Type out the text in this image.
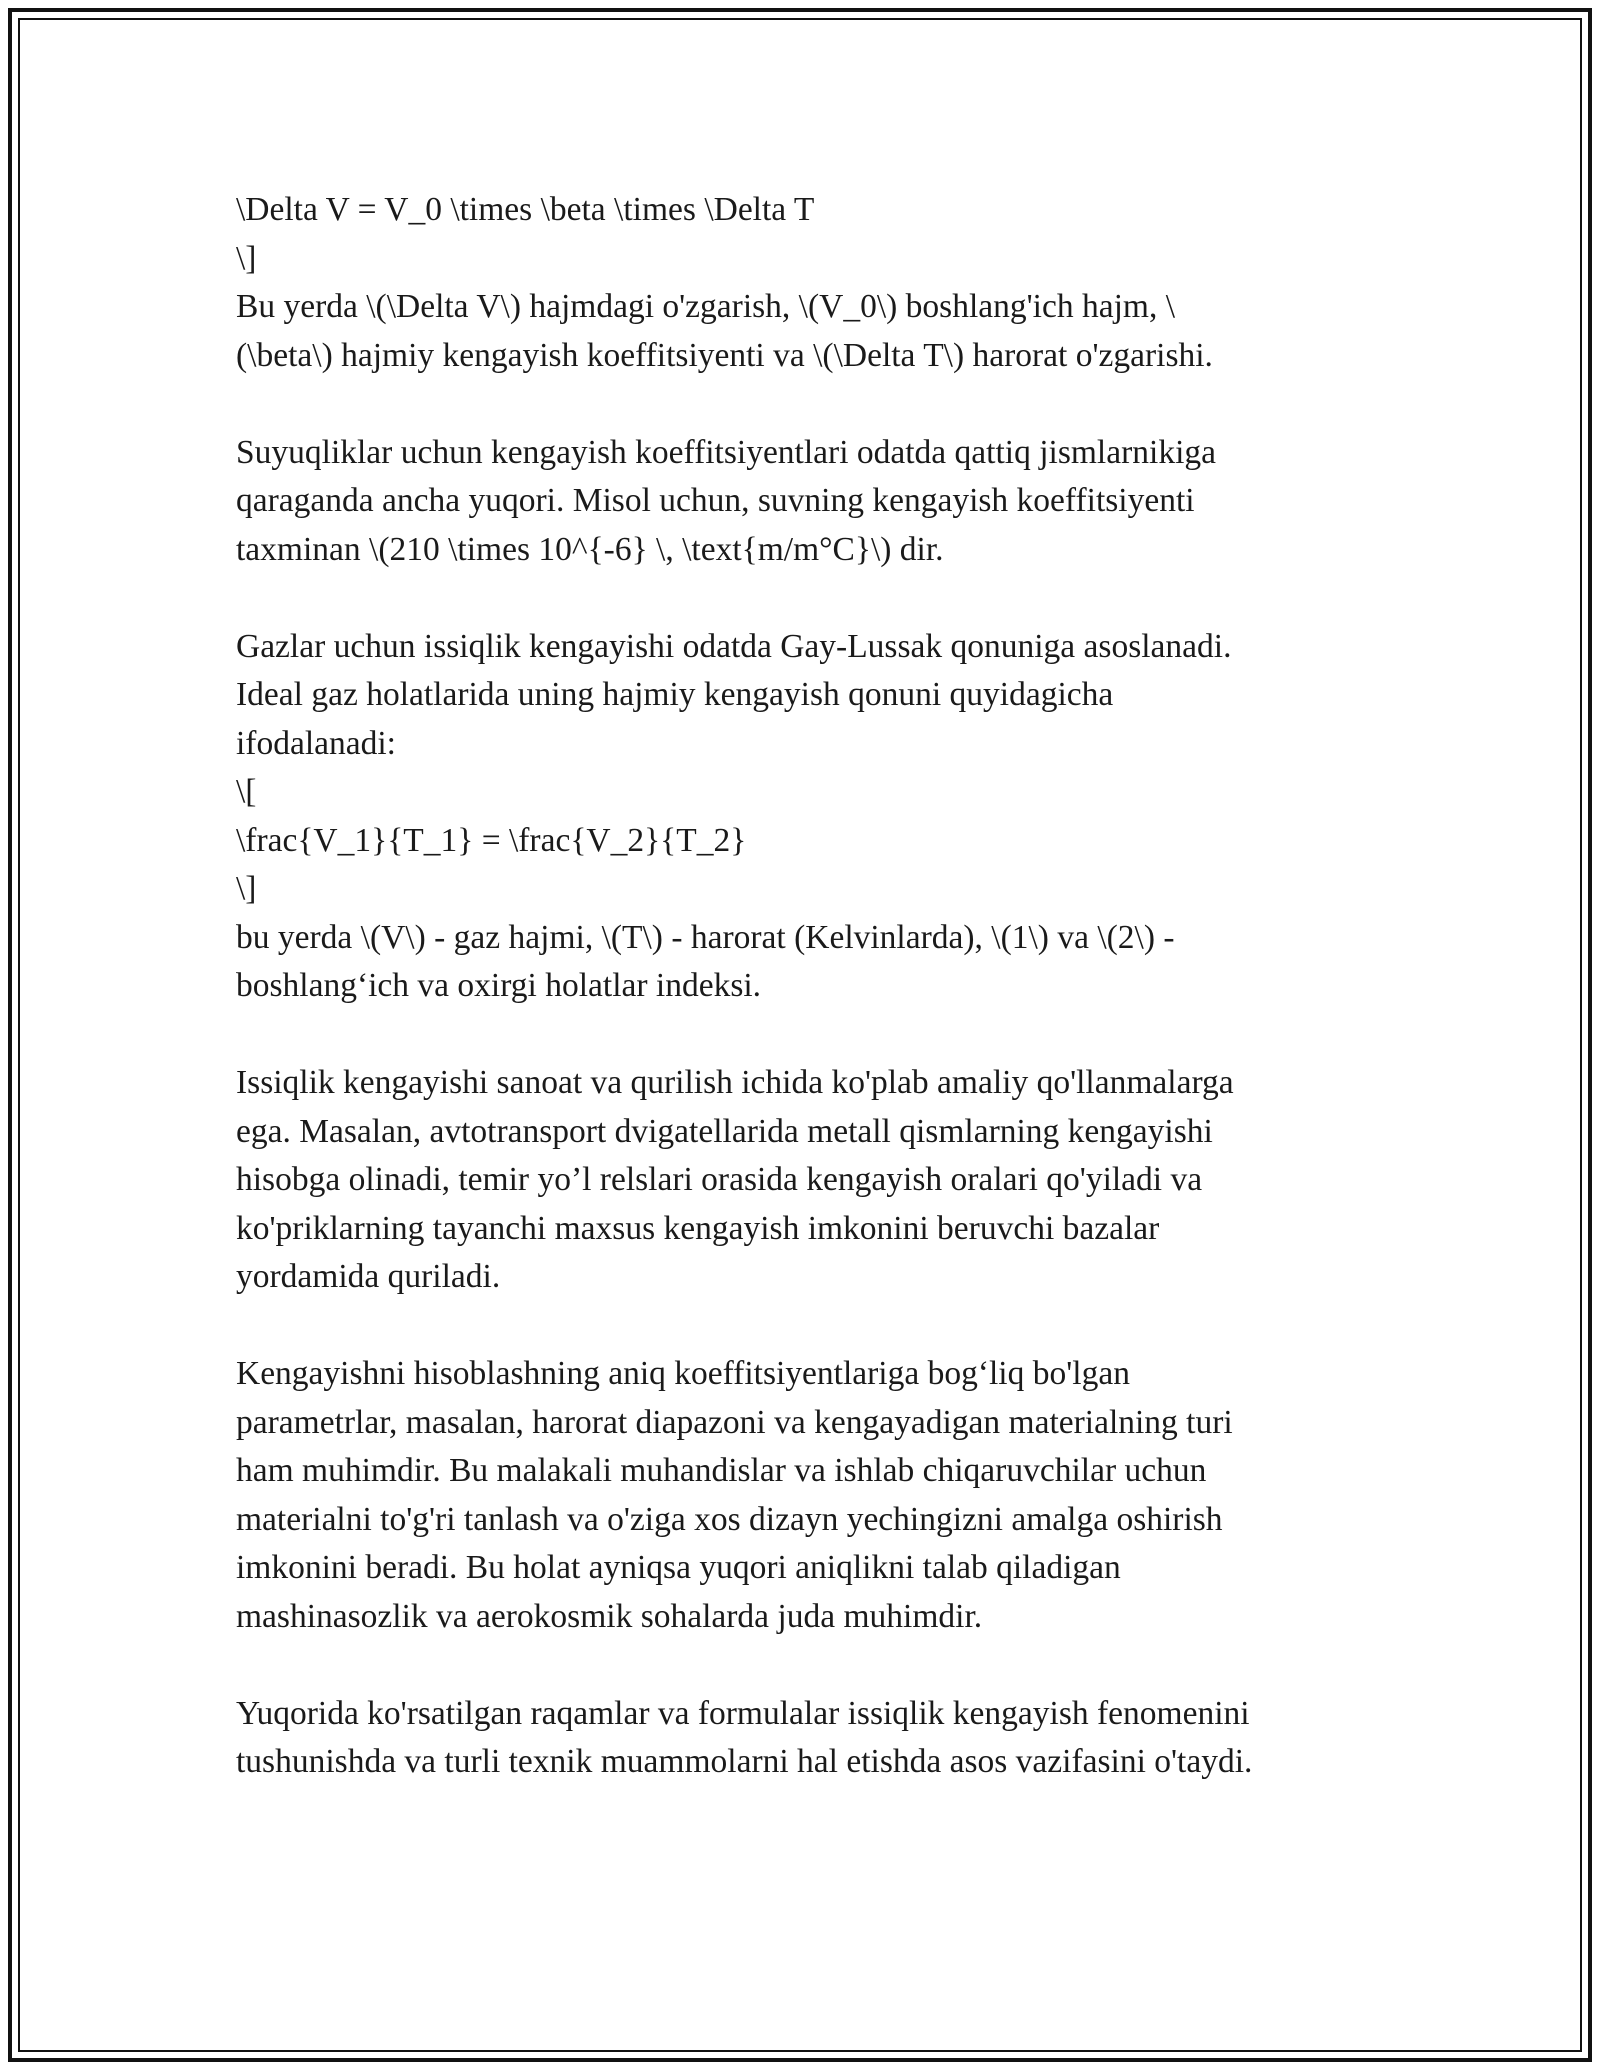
\Delta V = V_0 \times \beta \times \Delta T
\]
Bu yerda \(\Delta V\) hajmdagi o'zgarish, \(V_0\) boshlang'ich hajm, \
(\beta\) hajmiy kengayish koeffitsiyenti va \(\Delta T\) harorat o'zgarishi.
Suyuqliklar uchun kengayish koeffitsiyentlari odatda qattiq jismlarnikiga
qaraganda ancha yuqori. Misol uchun, suvning kengayish koeffitsiyenti
taxminan \(210 \times 10^{-6} \, \text{m/m°C}\) dir.
Gazlar uchun issiqlik kengayishi odatda Gay-Lussak qonuniga asoslanadi.
Ideal gaz holatlarida uning hajmiy kengayish qonuni quyidagicha
ifodalanadi:
\[
\frac{V_1}{T_1} = \frac{V_2}{T_2}
\]
bu yerda \(V\) - gaz hajmi, \(T\) - harorat (Kelvinlarda), \(1\) va \(2\) -
boshlang‘ich va oxirgi holatlar indeksi.
Issiqlik kengayishi sanoat va qurilish ichida ko'plab amaliy qo'llanmalarga
ega. Masalan, avtotransport dvigatellarida metall qismlarning kengayishi
hisobga olinadi, temir yo’l relslari orasida kengayish oralari qo'yiladi va
ko'priklarning tayanchi maxsus kengayish imkonini beruvchi bazalar
yordamida quriladi.
Kengayishni hisoblashning aniq koeffitsiyentlariga bog‘liq bo'lgan
parametrlar, masalan, harorat diapazoni va kengayadigan materialning turi
ham muhimdir. Bu malakali muhandislar va ishlab chiqaruvchilar uchun
materialni to'g'ri tanlash va o'ziga xos dizayn yechingizni amalga oshirish
imkonini beradi. Bu holat ayniqsa yuqori aniqlikni talab qiladigan
mashinasozlik va aerokosmik sohalarda juda muhimdir.
Yuqorida ko'rsatilgan raqamlar va formulalar issiqlik kengayish fenomenini
tushunishda va turli texnik muammolarni hal etishda asos vazifasini o'taydi.
